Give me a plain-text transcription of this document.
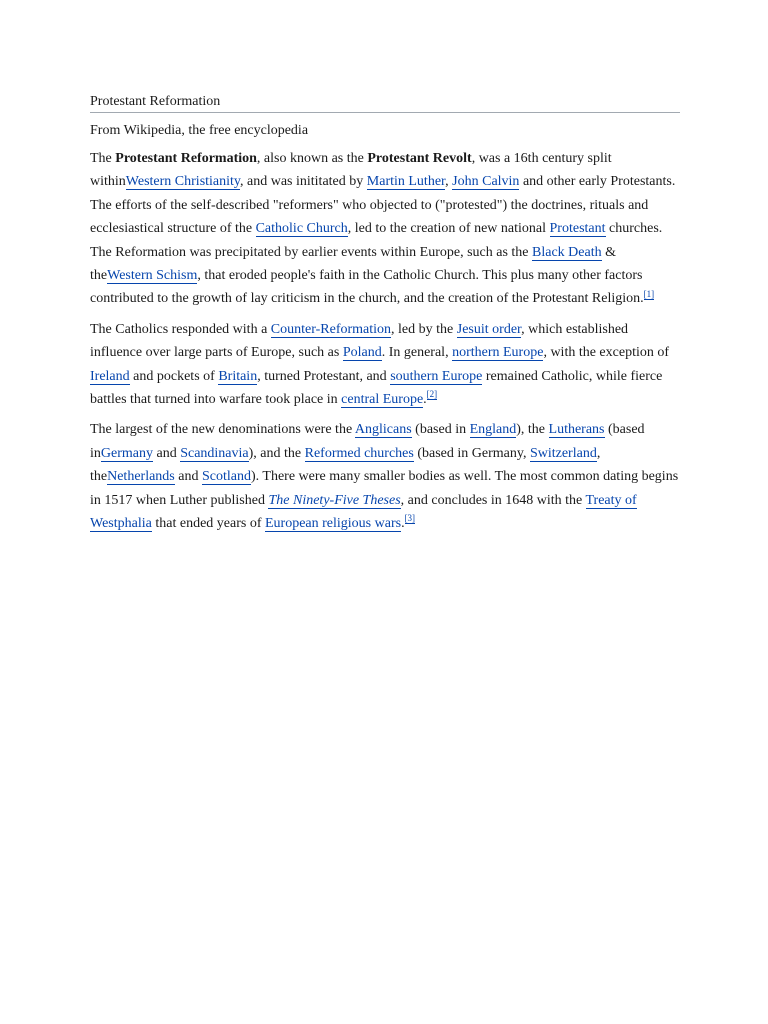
Protestant Reformation
From Wikipedia, the free encyclopedia

The Protestant Reformation, also known as the Protestant Revolt, was a 16th century split withinWestern Christianity, and was inititated by Martin Luther, John Calvin and other early Protestants. The efforts of the self-described "reformers" who objected to ("protested") the doctrines, rituals and ecclesiastical structure of the Catholic Church, led to the creation of new national Protestant churches. The Reformation was precipitated by earlier events within Europe, such as the Black Death & theWestern Schism, that eroded people's faith in the Catholic Church. This plus many other factors contributed to the growth of lay criticism in the church, and the creation of the Protestant Religion.[1]

The Catholics responded with a Counter-Reformation, led by the Jesuit order, which established influence over large parts of Europe, such as Poland. In general, northern Europe, with the exception of Ireland and pockets of Britain, turned Protestant, and southern Europe remained Catholic, while fierce battles that turned into warfare took place in central Europe.[2]

The largest of the new denominations were the Anglicans (based in England), the Lutherans (based inGermany and Scandinavia), and the Reformed churches (based in Germany, Switzerland, theNetherlands and Scotland). There were many smaller bodies as well. The most common dating begins in 1517 when Luther published The Ninety-Five Theses, and concludes in 1648 with the Treaty of Westphalia that ended years of European religious wars.[3]
